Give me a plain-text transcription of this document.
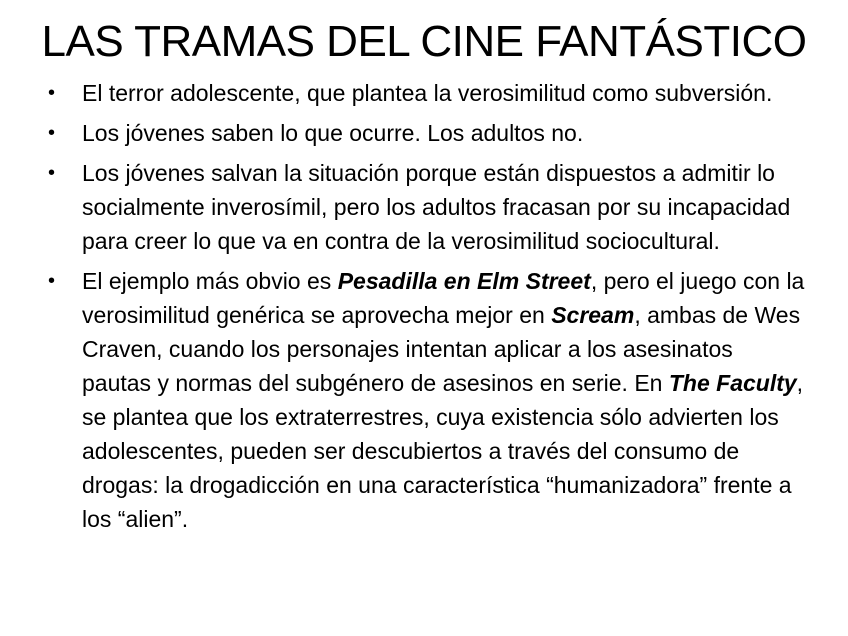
LAS TRAMAS DEL CINE FANTÁSTICO
•	El terror adolescente, que plantea la verosimilitud como subversión.
•	Los jóvenes saben lo que ocurre. Los adultos no.
•	Los jóvenes salvan la situación porque están dispuestos a admitir lo socialmente inverosímil, pero los adultos fracasan por su incapacidad para creer lo que va en contra de la verosimilitud sociocultural.
•	El ejemplo más obvio es Pesadilla en Elm Street, pero el juego con la verosimilitud genérica se aprovecha mejor en Scream, ambas de Wes Craven, cuando los personajes intentan aplicar a los asesinatos pautas y normas del subgénero de asesinos en serie. En The Faculty, se plantea que los extraterrestres, cuya existencia sólo advierten los adolescentes, pueden ser descubiertos a través del consumo de drogas: la drogadicción en una característica “humanizadora” frente a los “alien”.
